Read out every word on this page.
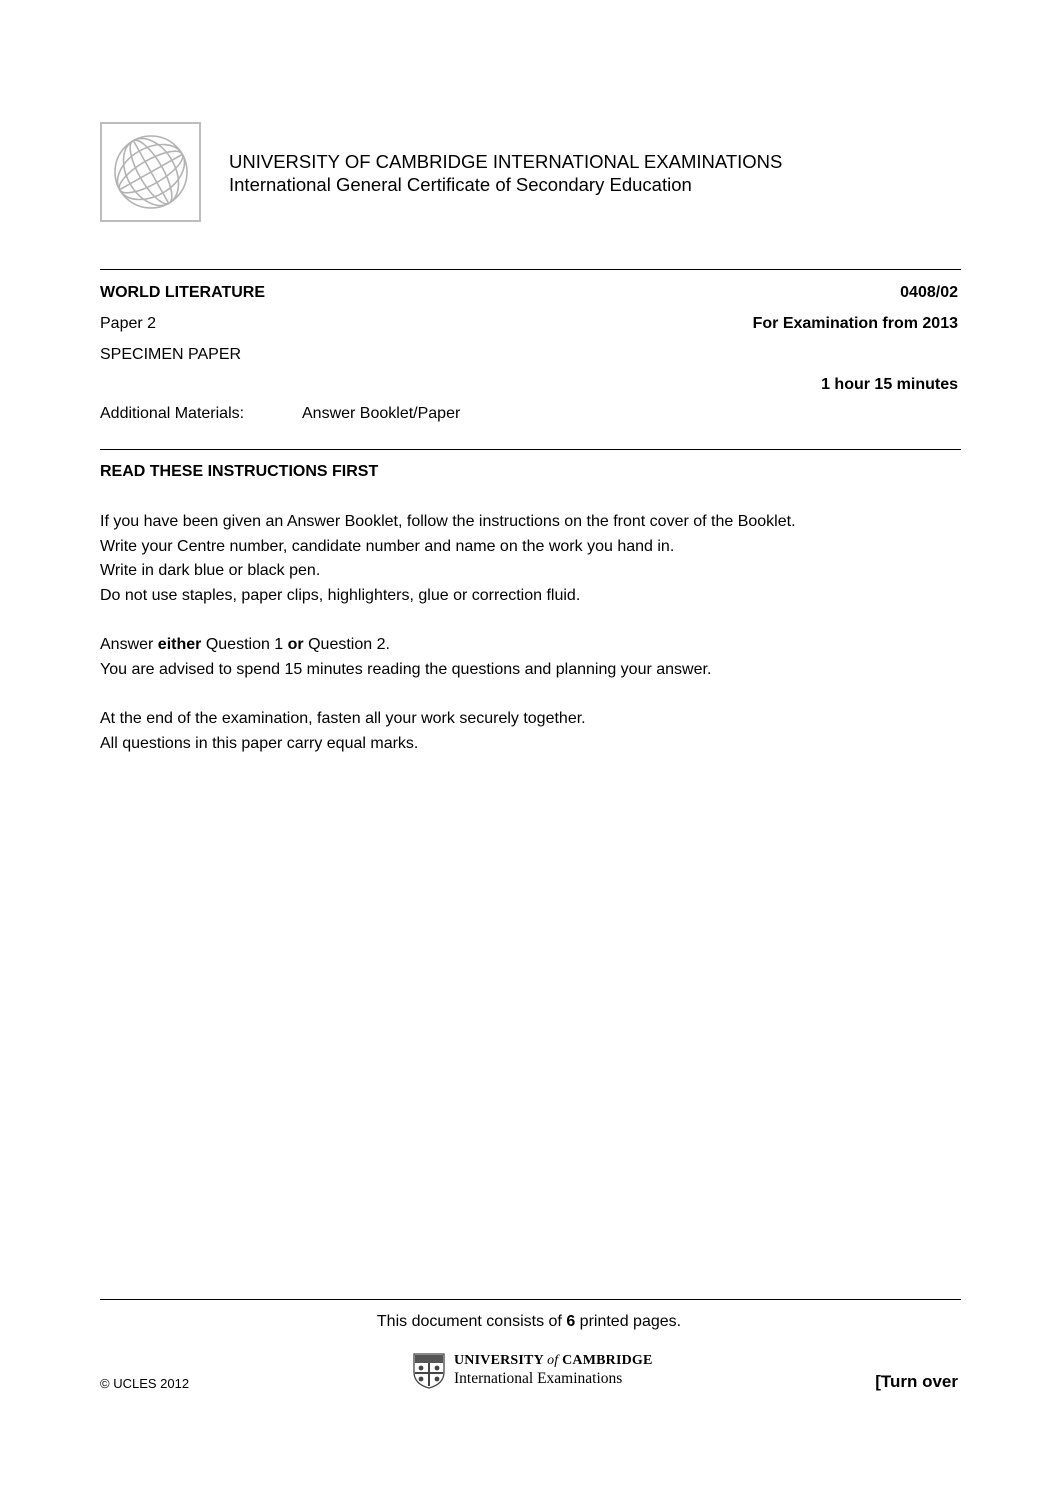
UNIVERSITY OF CAMBRIDGE INTERNATIONAL EXAMINATIONS
International General Certificate of Secondary Education
WORLD LITERATURE	0408/02
Paper 2	For Examination from 2013
SPECIMEN PAPER
1 hour 15 minutes
Additional Materials:	Answer Booklet/Paper
READ THESE INSTRUCTIONS FIRST
If you have been given an Answer Booklet, follow the instructions on the front cover of the Booklet.
Write your Centre number, candidate number and name on the work you hand in.
Write in dark blue or black pen.
Do not use staples, paper clips, highlighters, glue or correction fluid.
Answer either Question 1 or Question 2.
You are advised to spend 15 minutes reading the questions and planning your answer.
At the end of the examination, fasten all your work securely together.
All questions in this paper carry equal marks.
This document consists of 6 printed pages.
© UCLES 2012
UNIVERSITY of CAMBRIDGE
International Examinations	[Turn over
